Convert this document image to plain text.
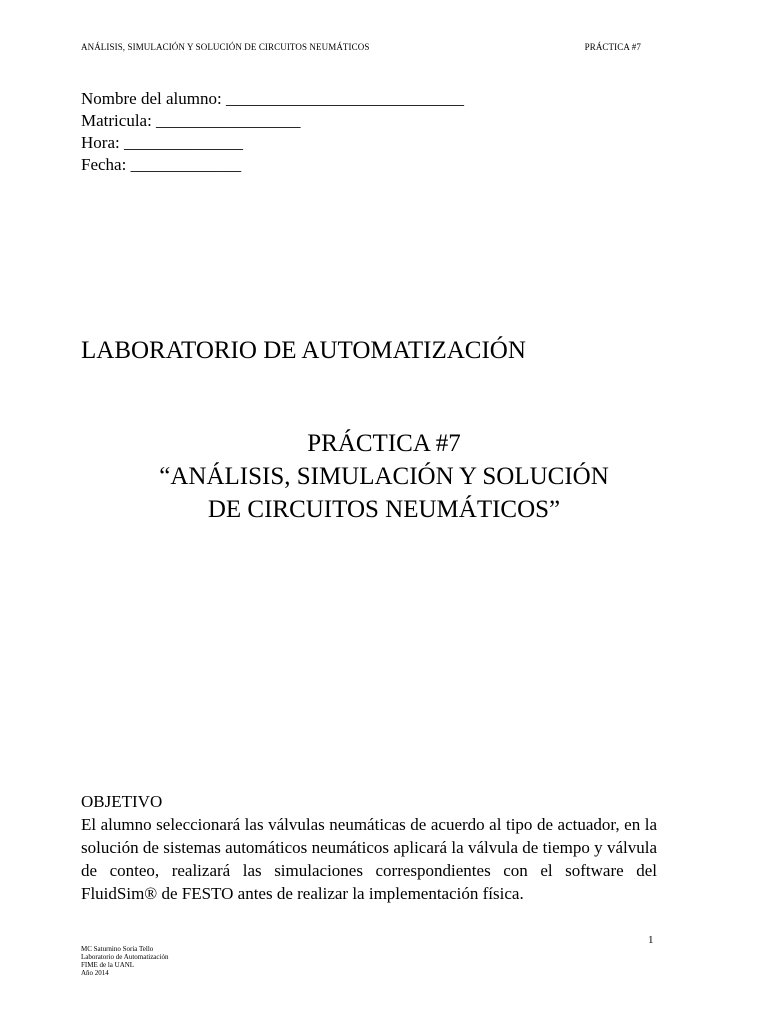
ANÁLISIS, SIMULACIÓN Y SOLUCIÓN DE CIRCUITOS NEUMÁTICOS	PRÁCTICA #7
Nombre del alumno: ____________________________
Matricula: _________________
Hora: ______________
Fecha: _____________
LABORATORIO DE AUTOMATIZACIÓN
PRÁCTICA #7
“ANÁLISIS, SIMULACIÓN Y SOLUCIÓN
DE CIRCUITOS NEUMÁTICOS”
OBJETIVO
El alumno seleccionará las válvulas neumáticas de acuerdo al tipo de actuador, en la solución de sistemas automáticos neumáticos aplicará la válvula de tiempo y válvula de conteo, realizará las simulaciones correspondientes con el software del FluidSim® de FESTO antes de realizar la implementación física.
1
MC Saturnino Soria Tello
Laboratorio de Automatización
FIME de la UANL
Año 2014
